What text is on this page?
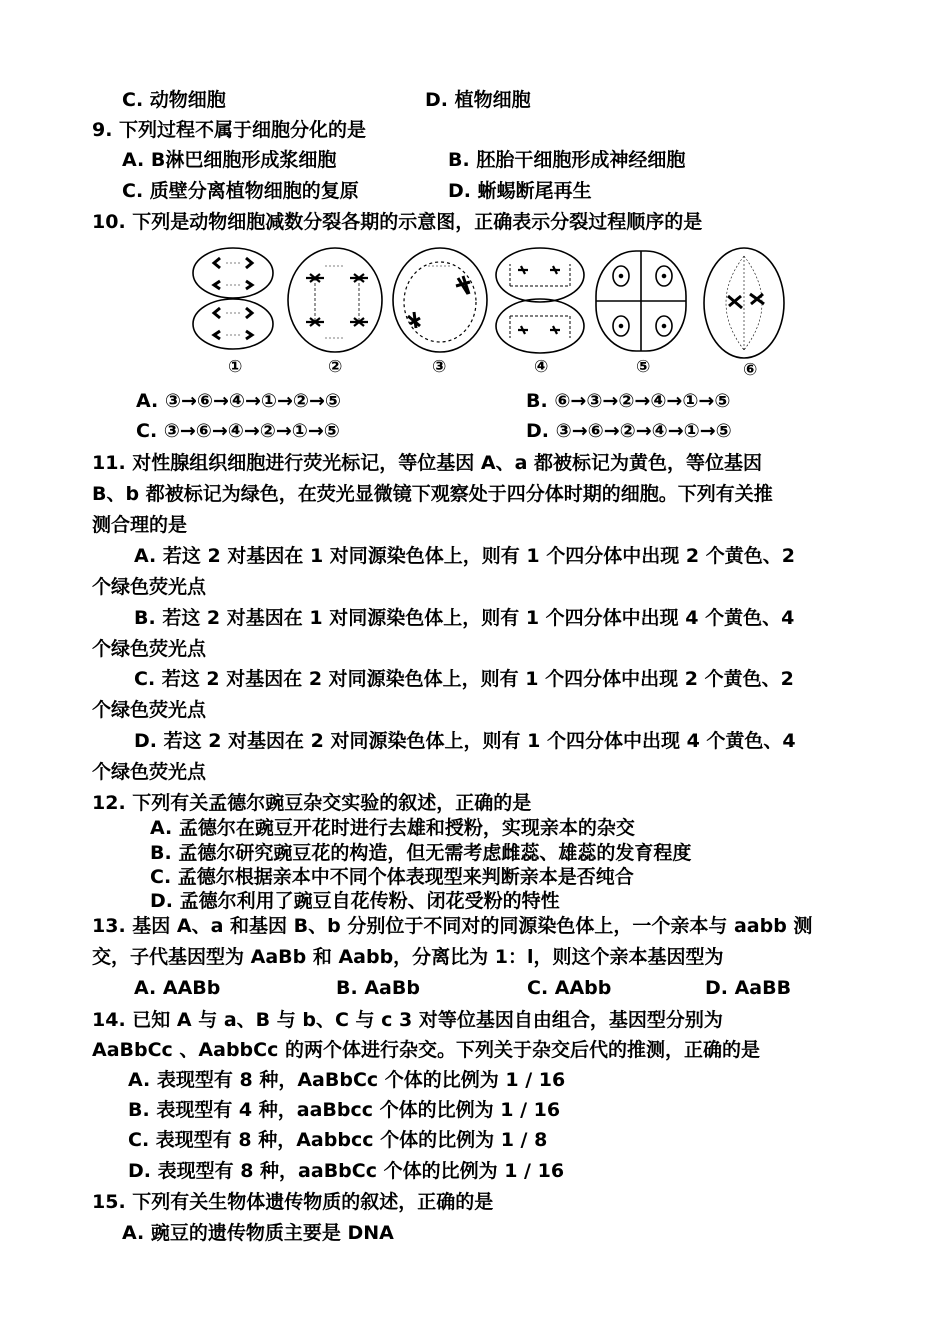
C. 动物细胞	D. 植物细胞
9. 下列过程不属于细胞分化的是
A. B淋巴细胞形成浆细胞	B. 胚胎干细胞形成神经细胞
C. 质壁分离植物细胞的复原	D. 蜥蜴断尾再生
10. 下列是动物细胞减数分裂各期的示意图，正确表示分裂过程顺序的是
①	②	③	④	⑤	⑥
A. ③→⑥→④→①→②→⑤	B. ⑥→③→②→④→①→⑤
C. ③→⑥→④→②→①→⑤	D. ③→⑥→②→④→①→⑤
11. 对性腺组织细胞进行荧光标记，等位基因 A、a 都被标记为黄色，等位基因
B、b 都被标记为绿色，在荧光显微镜下观察处于四分体时期的细胞。下列有关推
测合理的是
A. 若这 2 对基因在 1 对同源染色体上，则有 1 个四分体中出现 2 个黄色、2
个绿色荧光点
B. 若这 2 对基因在 1 对同源染色体上，则有 1 个四分体中出现 4 个黄色、4
个绿色荧光点
C. 若这 2 对基因在 2 对同源染色体上，则有 1 个四分体中出现 2 个黄色、2
个绿色荧光点
D. 若这 2 对基因在 2 对同源染色体上，则有 1 个四分体中出现 4 个黄色、4
个绿色荧光点
12. 下列有关孟德尔豌豆杂交实验的叙述，正确的是
A. 孟德尔在豌豆开花时进行去雄和授粉，实现亲本的杂交
B. 孟德尔研究豌豆花的构造，但无需考虑雌蕊、雄蕊的发育程度
C. 孟德尔根据亲本中不同个体表现型来判断亲本是否纯合
D. 孟德尔利用了豌豆自花传粉、闭花受粉的特性
13. 基因 A、a 和基因 B、b 分别位于不同对的同源染色体上，一个亲本与 aabb 测
交，子代基因型为 AaBb 和 Aabb，分离比为 1：l，则这个亲本基因型为
A. AABb	B. AaBb	C. AAbb	D. AaBB
14. 已知 A 与 a、B 与 b、C 与 c 3 对等位基因自由组合，基因型分别为
AaBbCc 、AabbCc 的两个体进行杂交。下列关于杂交后代的推测，正确的是
A. 表现型有 8 种，AaBbCc 个体的比例为 1 / 16
B. 表现型有 4 种，aaBbcc 个体的比例为 1 / 16
C. 表现型有 8 种，Aabbcc 个体的比例为 1 / 8
D. 表现型有 8 种，aaBbCc 个体的比例为 1 / 16
15. 下列有关生物体遗传物质的叙述，正确的是
A. 豌豆的遗传物质主要是 DNA
